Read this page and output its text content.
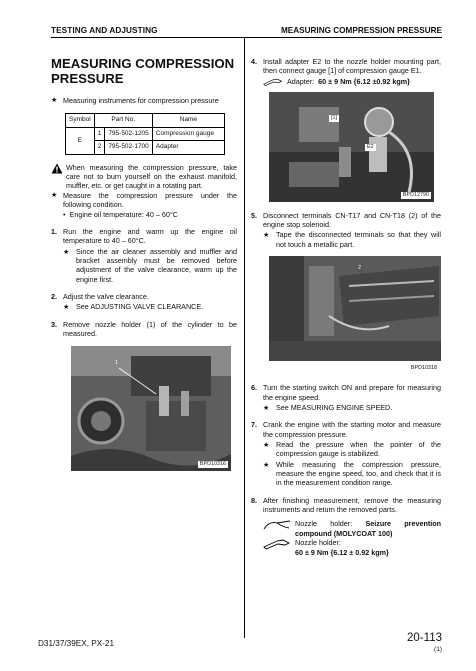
TESTING AND ADJUSTING	MEASURING COMPRESSION PRESSURE
MEASURING COMPRESSION PRESSURE
★ Measuring instruments for compression pressure
Symbol	Part No.		Name
E	1	795-502-1205	Compression gauge
	2	795-502-1700	Adapter
When measuring the compression pressure, take care not to burn yourself on the exhaust manifold, muffler, etc. or get caught in a rotating part.
★ Measure the compression pressure under the following condition.
• Engine oil temperature: 40 – 60°C
1. Run the engine and warm up the engine oil temperature to 40 – 60°C.
★ Since the air cleaner assembly and muffler and bracket assembly must be removed before adjustment of the valve clearance, warm up the engine first.
2. Adjust the valve clearance.
★ See ADJUSTING VALVE CLEARANCE.
3. Remove nozzle holder (1) of the cylinder to be measured.
1
BPD10316
4. Install adapter E2 to the nozzle holder mounting part, then connect gauge [1] of compression gauge E1.
Adapter: 60 ± 9 Nm {6.12 ±0.92 kgm}
[1]
E2
BPD12790
5. Disconnect terminals CN-T17 and CN-T18 (2) of the engine stop solenoid.
★ Tape the disconnected terminals so that they will not touch a metallic part.
2
BPD10318
6. Turn the starting switch ON and prepare for measuring the engine speed.
★ See MEASURING ENGINE SPEED.
7. Crank the engine with the starting motor and measure the compression pressure.
★ Read the pressure when the pointer of the compression gauge is stabilized.
★ While measuring the compression pressure, measure the engine speed, too, and check that it is in the measurement condition range.
8. After finishing measurement, remove the measuring instruments and return the removed parts.
Nozzle holder: Seizure prevention compound (MOLYCOAT 100)
Nozzle holder:
60 ± 9 Nm {6.12 ± 0.92 kgm}
D31/37/39EX, PX-21	20-113
(1)
